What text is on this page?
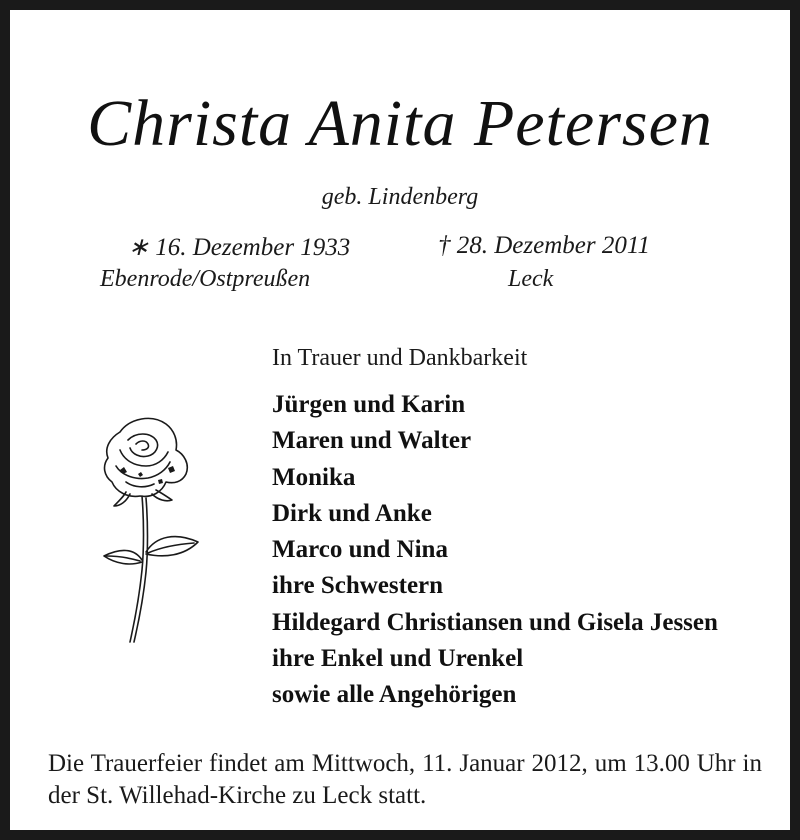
Christa Anita Petersen
geb. Lindenberg
∗ 16. Dezember 1933	† 28. Dezember 2011
Ebenrode/Ostpreußen	Leck
In Trauer und Dankbarkeit
Jürgen und Karin
Maren und Walter
Monika
Dirk und Anke
Marco und Nina
ihre Schwestern
Hildegard Christiansen und Gisela Jessen
ihre Enkel und Urenkel
sowie alle Angehörigen
Die Trauerfeier findet am Mittwoch, 11. Januar 2012, um 13.00 Uhr in der St. Willehad-Kirche zu Leck statt.
